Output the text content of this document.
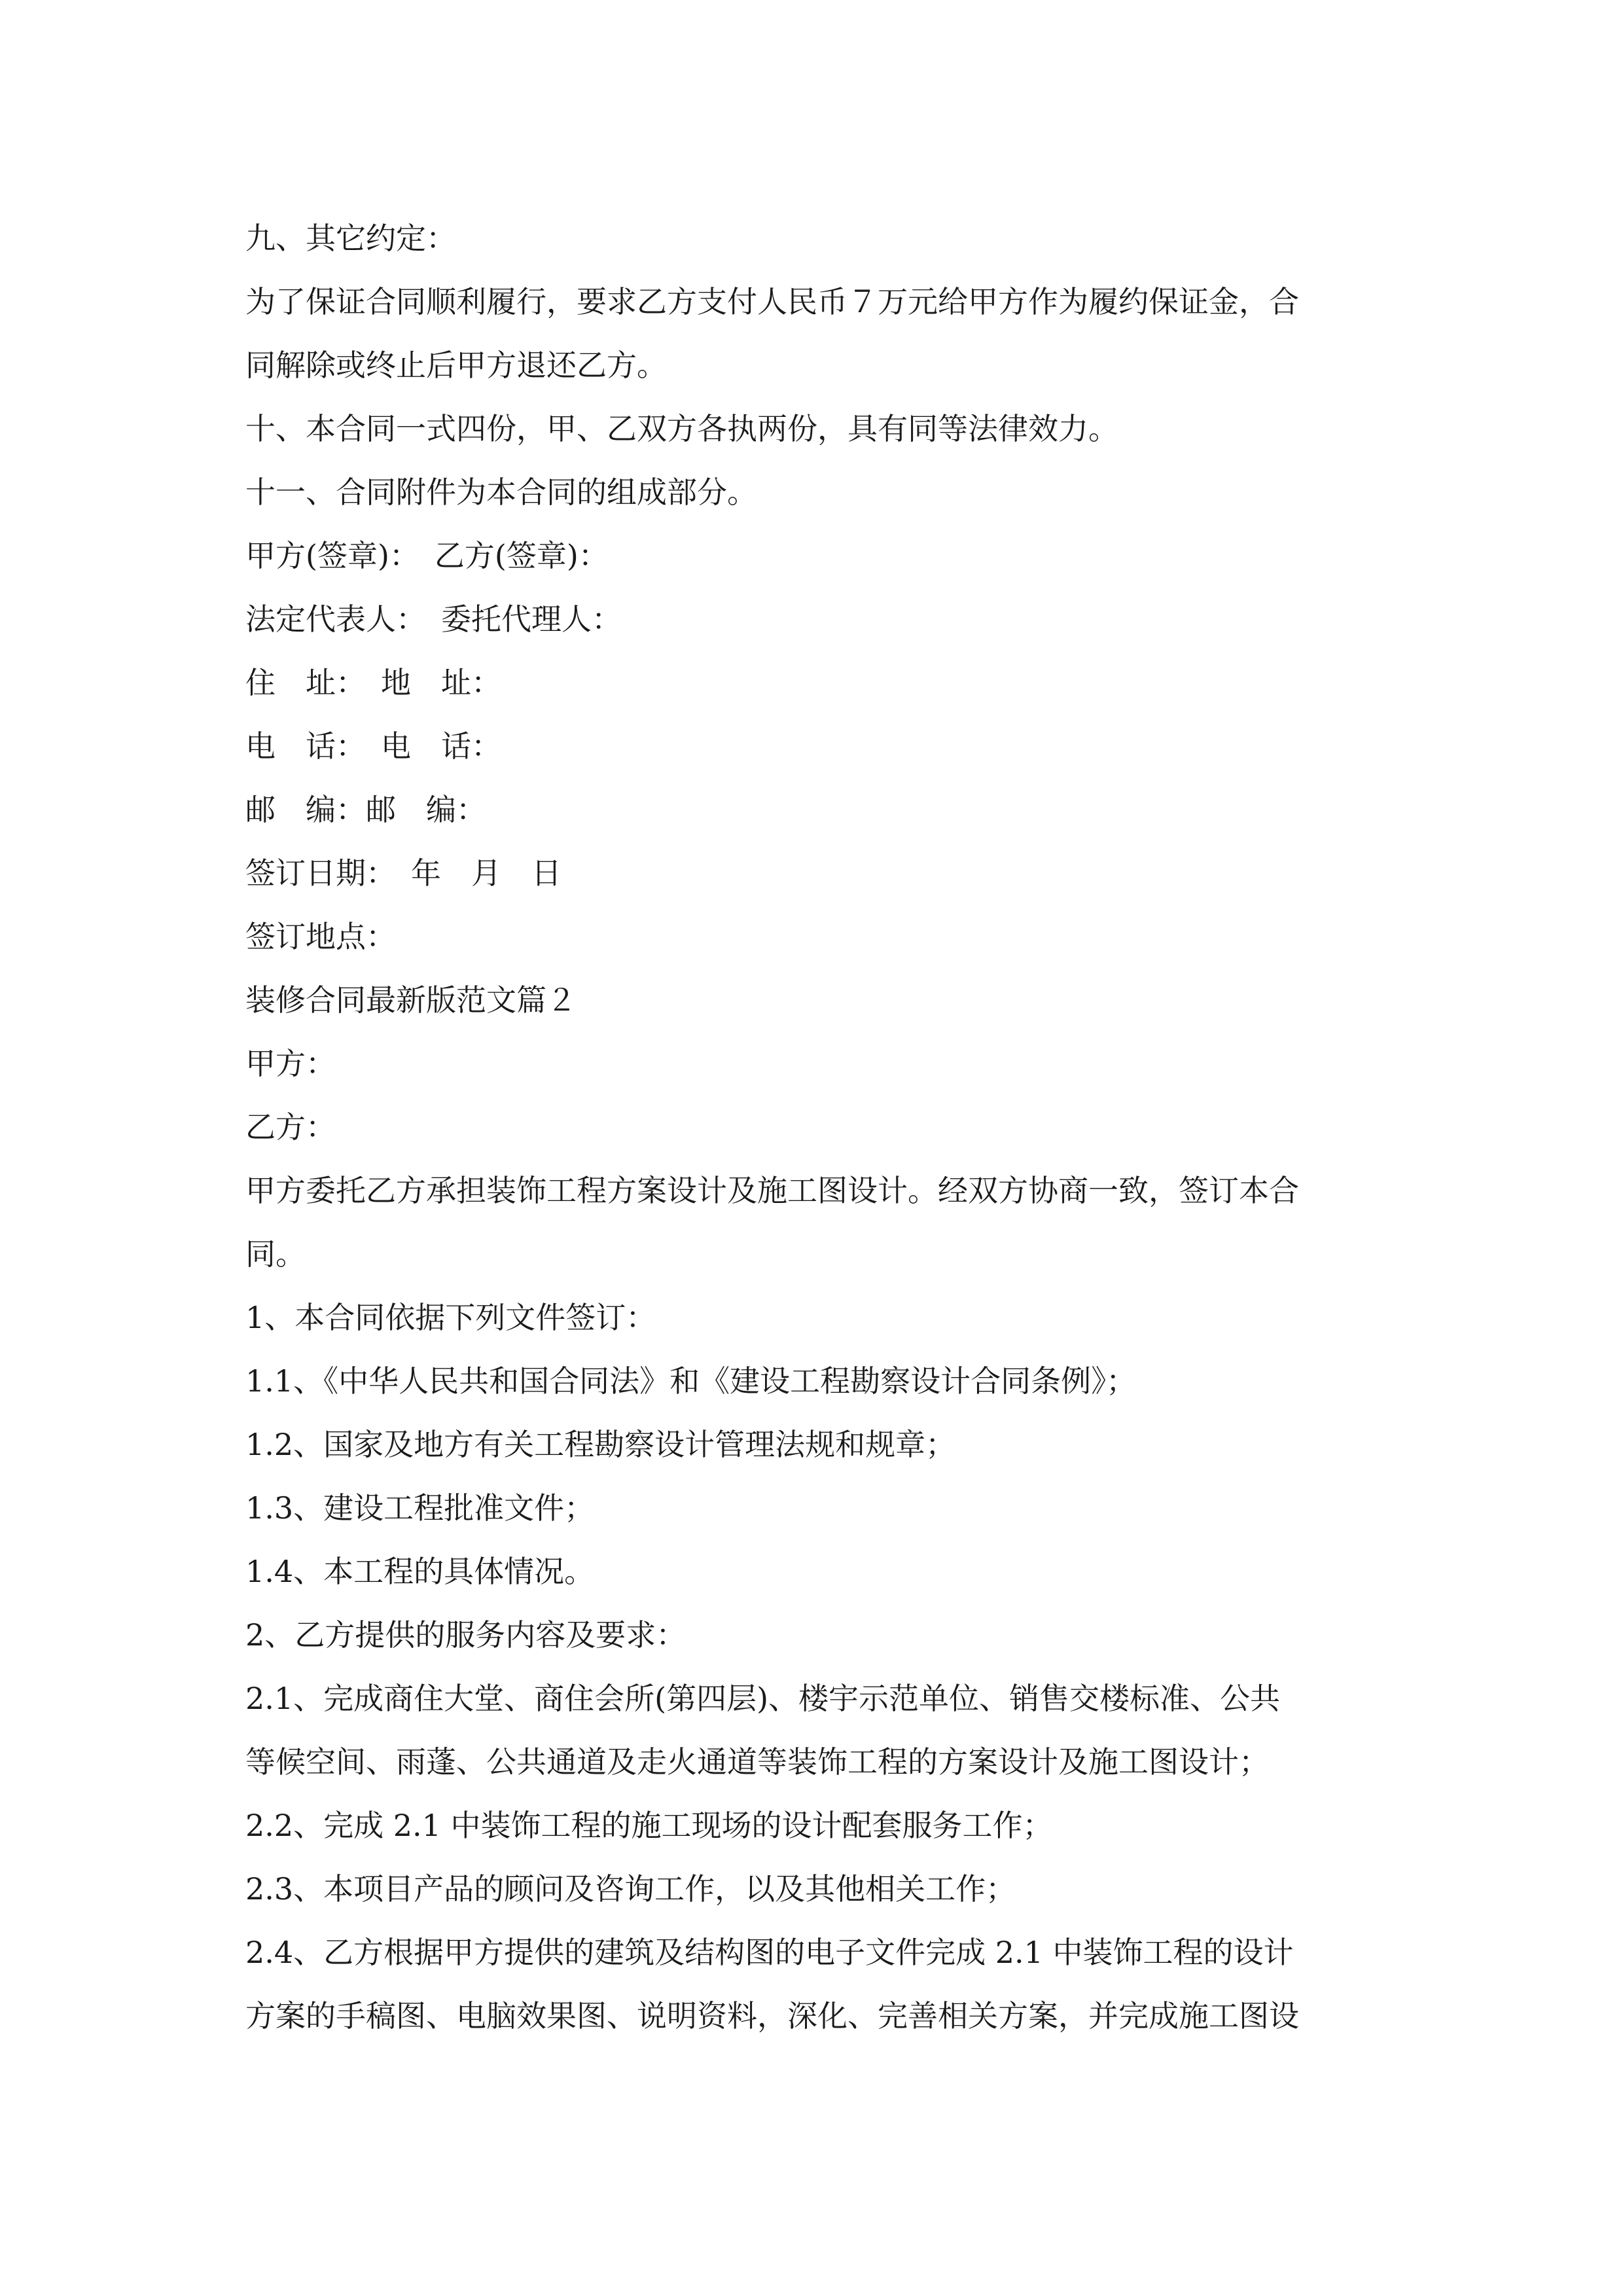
九、其它约定：
为了保证合同顺利履行，要求乙方支付人民币７万元给甲方作为履约保证金，合
同解除或终止后甲方退还乙方。
十、本合同一式四份，甲、乙双方各执两份，具有同等法律效力。
十一、合同附件为本合同的组成部分。
甲方(签章)：　乙方(签章)：
法定代表人：　委托代理人：
住　址：　地　址：
电　话：　电　话：
邮　编：邮　编：
签订日期：　年　月　日
签订地点：
装修合同最新版范文篇２
甲方：
乙方：
甲方委托乙方承担装饰工程方案设计及施工图设计。经双方协商一致，签订本合
同。
1、本合同依据下列文件签订：
1.1、《中华人民共和国合同法》和《建设工程勘察设计合同条例》；
1.2、国家及地方有关工程勘察设计管理法规和规章；
1.3、建设工程批准文件；
1.4、本工程的具体情况。
2、乙方提供的服务内容及要求：
2.1、完成商住大堂、商住会所(第四层)、楼宇示范单位、销售交楼标准、公共
等候空间、雨蓬、公共通道及走火通道等装饰工程的方案设计及施工图设计；
2.2、完成 2.1 中装饰工程的施工现场的设计配套服务工作；
2.3、本项目产品的顾问及咨询工作，以及其他相关工作；
2.4、乙方根据甲方提供的建筑及结构图的电子文件完成 2.1 中装饰工程的设计
方案的手稿图、电脑效果图、说明资料，深化、完善相关方案，并完成施工图设
